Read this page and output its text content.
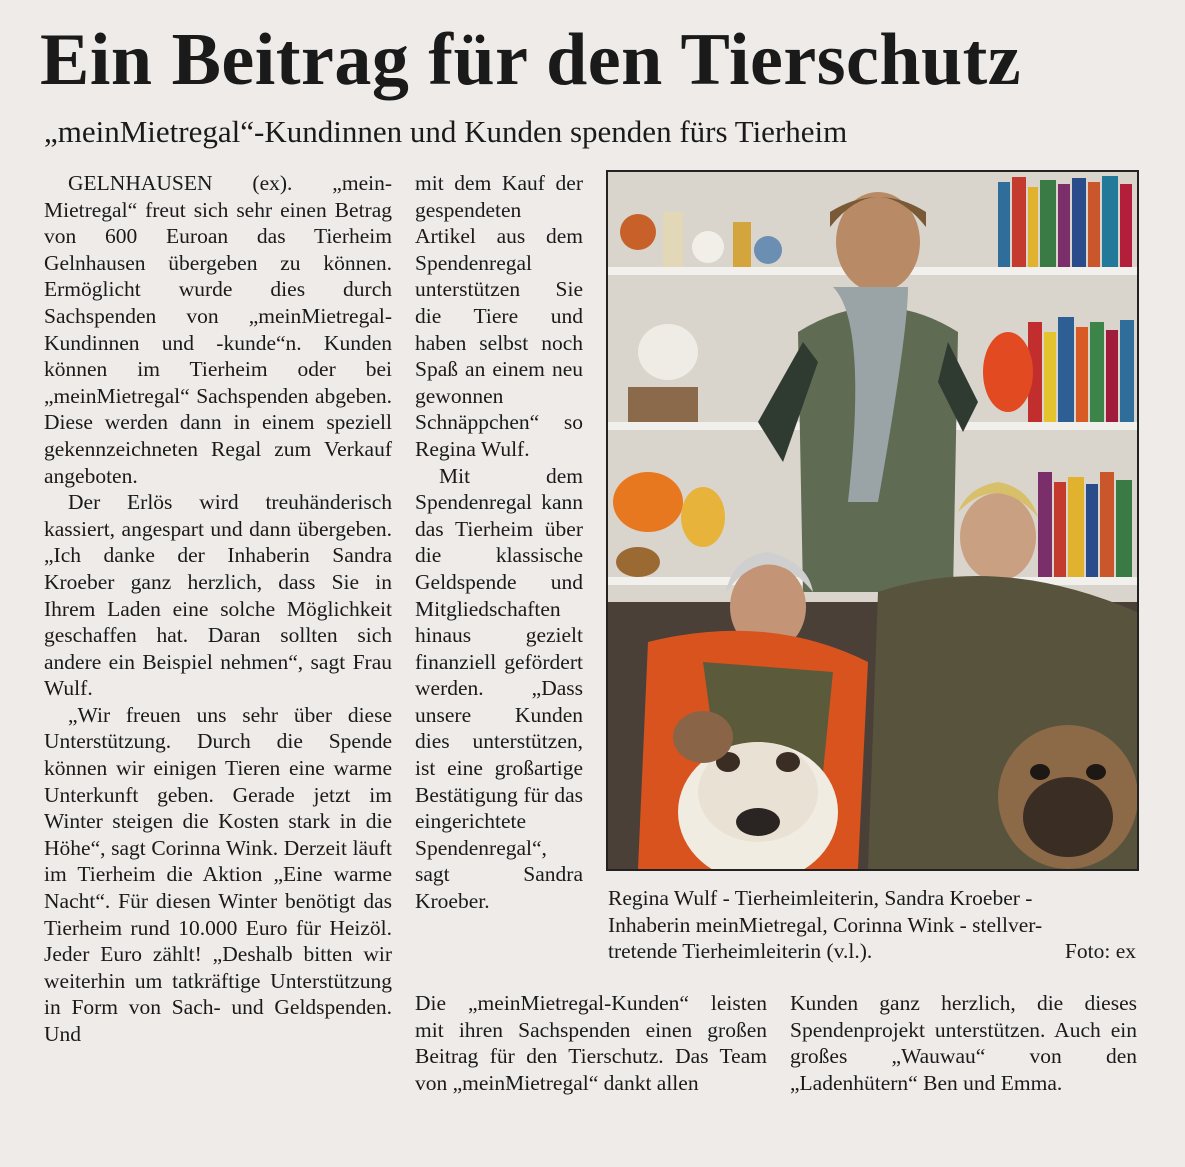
Ein Beitrag für den Tierschutz
„meinMietregal“-Kundinnen und Kunden spenden fürs Tierheim

GELNHAUSEN (ex). „mein-Mietregal“ freut sich sehr einen Betrag von 600 Euroan das Tierheim Gelnhausen übergeben zu können. Ermöglicht wurde dies durch Sachspenden von „meinMietregal-Kundinnen und -kunde“n. Kunden können im Tierheim oder bei „meinMietregal“ Sachspenden abgeben. Diese werden dann in einem speziell gekennzeichneten Regal zum Verkauf angeboten.

Der Erlös wird treuhänderisch kassiert, angespart und dann übergeben. „Ich danke der Inhaberin Sandra Kroeber ganz herzlich, dass Sie in Ihrem Laden eine solche Möglichkeit geschaffen hat. Daran sollten sich andere ein Beispiel nehmen“, sagt Frau Wulf.

„Wir freuen uns sehr über diese Unterstützung. Durch die Spende können wir einigen Tieren eine warme Unterkunft geben. Gerade jetzt im Winter steigen die Kosten stark in die Höhe“, sagt Corinna Wink. Derzeit läuft im Tierheim die Aktion „Eine warme Nacht“. Für diesen Winter benötigt das Tierheim rund 10.000 Euro für Heizöl. Jeder Euro zählt! „Deshalb bitten wir weiterhin um tatkräftige Unterstützung in Form von Sach- und Geldspenden. Und

mit dem Kauf der gespendeten Artikel aus dem Spendenregal unterstützen Sie die Tiere und haben selbst noch Spaß an einem neu gewonnen Schnäppchen“ so Regina Wulf.

Mit dem Spendenregal kann das Tierheim über die klassische Geldspende und Mitgliedschaften hinaus gezielt finanziell gefördert werden. „Dass unsere Kunden dies unterstützen, ist eine großartige Bestätigung für das eingerichtete Spendenregal“, sagt Sandra Kroeber.

Die „meinMietregal-Kunden“ leisten mit ihren Sachspenden einen großen Beitrag für den Tierschutz. Das Team von „meinMietregal“ dankt allen
Kunden ganz herzlich, die dieses Spendenprojekt unterstützen. Auch ein großes „Wauwau“ von den „Ladenhütern“ Ben und Emma.
Regina Wulf - Tierheimleiterin, Sandra Kroeber -
Inhaberin meinMietregal, Corinna Wink - stellver-
Foto: ex
tretende Tierheimleiterin (v.l.).
